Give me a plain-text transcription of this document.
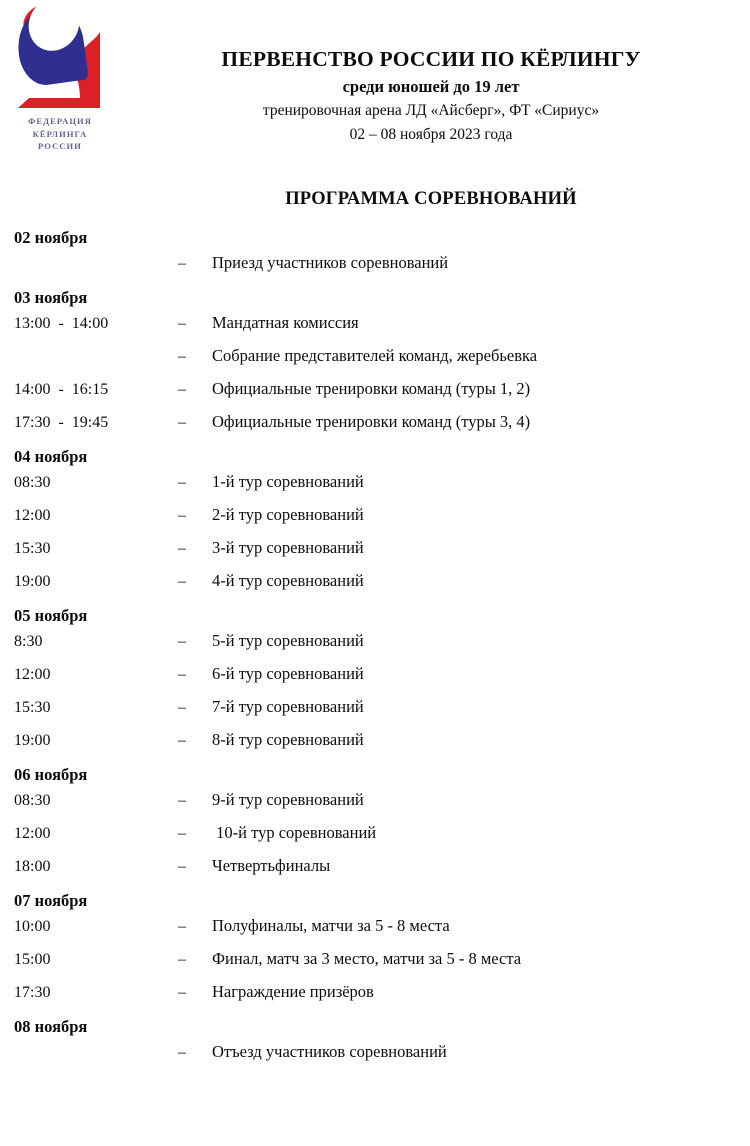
ФЕДЕРАЦИЯ
КЁРЛИНГА
РОССИИ
ПЕРВЕНСТВО РОССИИ ПО КЁРЛИНГУ
среди юношей до 19 лет
тренировочная арена ЛД «Айсберг», ФТ «Сириус»
02 – 08 ноября 2023 года
ПРОГРАММА СОРЕВНОВАНИЙ
02 ноября
–	Приезд участников соревнований
03 ноября
13:00  -  14:00	–	Мандатная комиссия
–	Собрание представителей команд, жеребьевка
14:00  -  16:15	–	Официальные тренировки команд (туры 1, 2)
17:30  -  19:45	–	Официальные тренировки команд (туры 3, 4)
04 ноября
08:30	–	1-й тур соревнований
12:00	–	2-й тур соревнований
15:30	–	3-й тур соревнований
19:00	–	4-й тур соревнований
05 ноября
8:30	–	5-й тур соревнований
12:00	–	6-й тур соревнований
15:30	–	7-й тур соревнований
19:00	–	8-й тур соревнований
06 ноября
08:30	–	9-й тур соревнований
12:00	–	10-й тур соревнований
18:00	–	Четвертьфиналы
07 ноября
10:00	–	Полуфиналы, матчи за 5 - 8 места
15:00	–	Финал, матч за 3 место, матчи за 5 - 8 места
17:30	–	Награждение призёров
08 ноября
–	Отъезд участников соревнований
